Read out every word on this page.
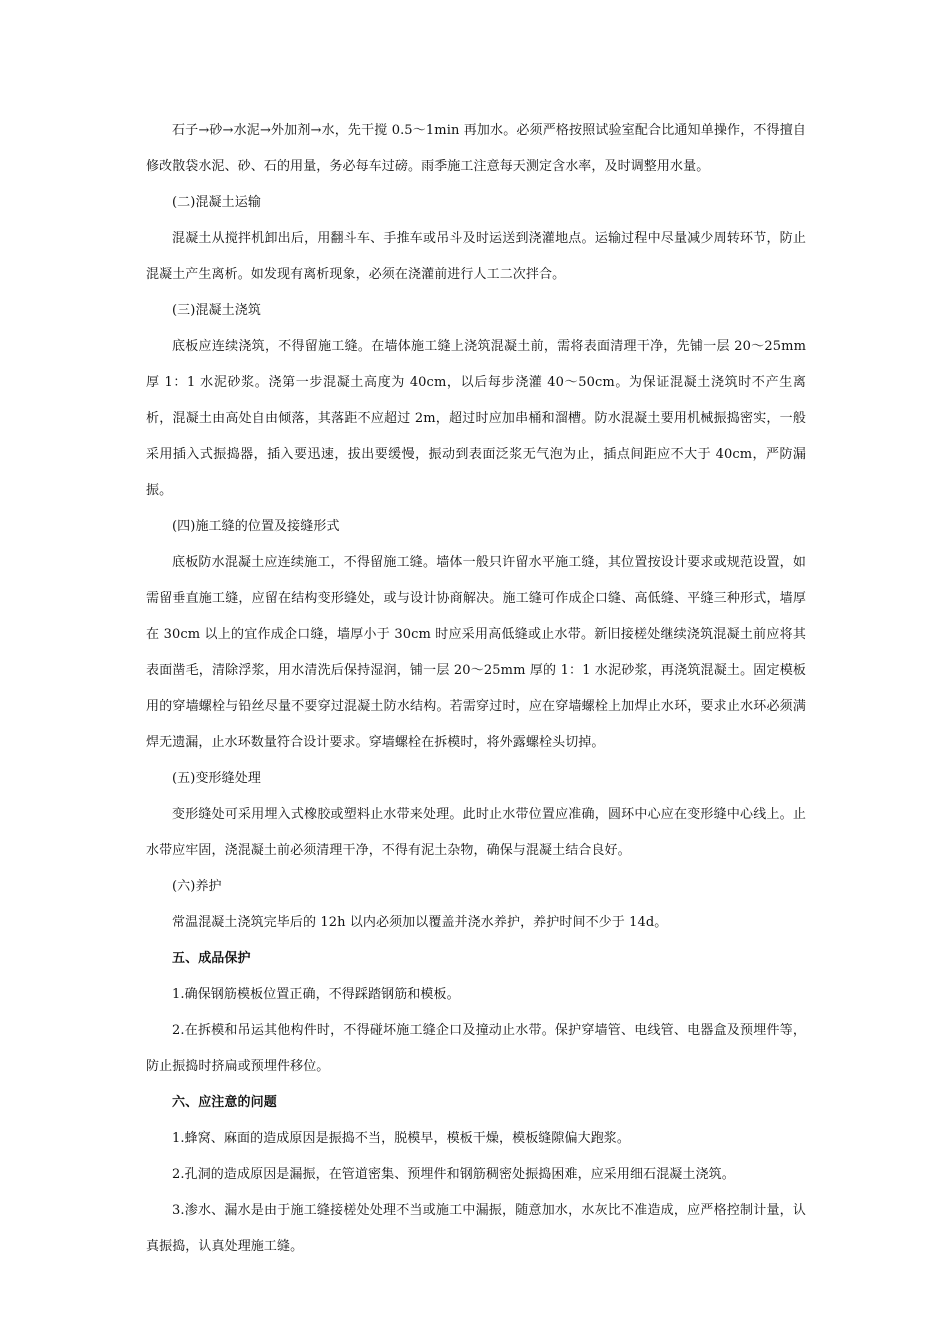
石子→砂→水泥→外加剂→水，先干搅 0.5～1min 再加水。必须严格按照试验室配合比通知单操作，不得擅自修改散袋水泥、砂、石的用量，务必每车过磅。雨季施工注意每天测定含水率，及时调整用水量。

(二)混凝土运输

混凝土从搅拌机卸出后，用翻斗车、手推车或吊斗及时运送到浇灌地点。运输过程中尽量减少周转环节，防止混凝土产生离析。如发现有离析现象，必须在浇灌前进行人工二次拌合。

(三)混凝土浇筑

底板应连续浇筑，不得留施工缝。在墙体施工缝上浇筑混凝土前，需将表面清理干净，先铺一层 20～25mm 厚 1：1 水泥砂浆。浇第一步混凝土高度为 40cm，以后每步浇灌 40～50cm。为保证混凝土浇筑时不产生离析，混凝土由高处自由倾落，其落距不应超过 2m，超过时应加串桶和溜槽。防水混凝土要用机械振捣密实，一般采用插入式振捣器，插入要迅速，拔出要缓慢，振动到表面泛浆无气泡为止，插点间距应不大于 40cm，严防漏振。

(四)施工缝的位置及接缝形式

底板防水混凝土应连续施工，不得留施工缝。墙体一般只许留水平施工缝，其位置按设计要求或规范设置，如需留垂直施工缝，应留在结构变形缝处，或与设计协商解决。施工缝可作成企口缝、高低缝、平缝三种形式，墙厚在 30cm 以上的宜作成企口缝，墙厚小于 30cm 时应采用高低缝或止水带。新旧接槎处继续浇筑混凝土前应将其表面凿毛，清除浮浆，用水清洗后保持湿润，铺一层 20～25mm 厚的 1：1 水泥砂浆，再浇筑混凝土。固定模板用的穿墙螺栓与铅丝尽量不要穿过混凝土防水结构。若需穿过时，应在穿墙螺栓上加焊止水环，要求止水环必须满焊无遗漏，止水环数量符合设计要求。穿墙螺栓在拆模时，将外露螺栓头切掉。

(五)变形缝处理

变形缝处可采用埋入式橡胶或塑料止水带来处理。此时止水带位置应准确，圆环中心应在变形缝中心线上。止水带应牢固，浇混凝土前必须清理干净，不得有泥土杂物，确保与混凝土结合良好。

(六)养护

常温混凝土浇筑完毕后的 12h 以内必须加以覆盖并浇水养护，养护时间不少于 14d。

五、成品保护

1.确保钢筋模板位置正确，不得踩踏钢筋和模板。

2.在拆模和吊运其他构件时，不得碰坏施工缝企口及撞动止水带。保护穿墙管、电线管、电器盒及预埋件等，防止振捣时挤扁或预埋件移位。

六、应注意的问题

1.蜂窝、麻面的造成原因是振捣不当，脱模早，模板干燥，模板缝隙偏大跑浆。

2.孔洞的造成原因是漏振，在管道密集、预埋件和钢筋稠密处振捣困难，应采用细石混凝土浇筑。

3.渗水、漏水是由于施工缝接槎处处理不当或施工中漏振，随意加水，水灰比不准造成，应严格控制计量，认真振捣，认真处理施工缝。
